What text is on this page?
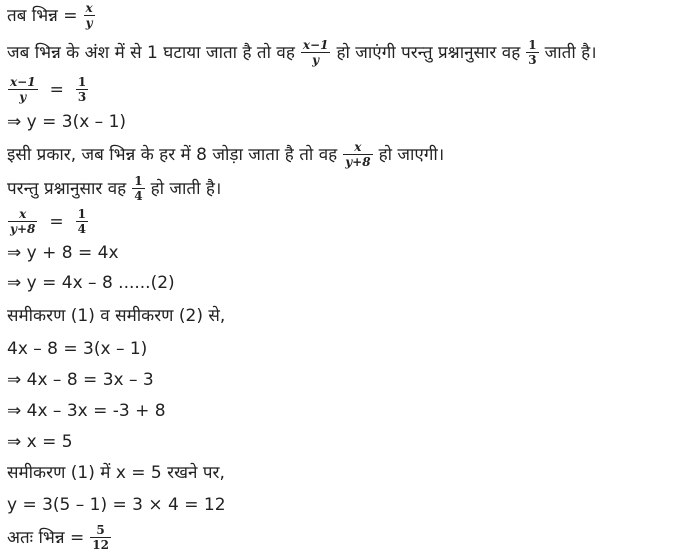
तब भिन्न = $\frac{x}{y}$
जब भिन्न के अंश में से 1 घटाया जाता है तो वह $\frac{x-1}{y}$ हो जाएंगी परन्तु प्रश्नानुसार वह $\frac{1}{3}$ जाती है।
$\frac{x-1}{y} = \frac{1}{3}$
⇒ y = 3(x – 1)
इसी प्रकार, जब भिन्न के हर में 8 जोड़ा जाता है तो वह $\frac{x}{y+8}$ हो जाएगी।
परन्तु प्रश्नानुसार वह $\frac{1}{4}$ हो जाती है।
$\frac{x}{y+8} = \frac{1}{4}$
⇒ y + 8 = 4x
⇒ y = 4x – 8 ......(2)
समीकरण (1) व समीकरण (2) से,
4x – 8 = 3(x – 1)
⇒ 4x – 8 = 3x – 3
⇒ 4x – 3x = -3 + 8
⇒ x = 5
समीकरण (1) में x = 5 रखने पर,
y = 3(5 – 1) = 3 × 4 = 12
अतः भिन्न = $\frac{5}{12}$
